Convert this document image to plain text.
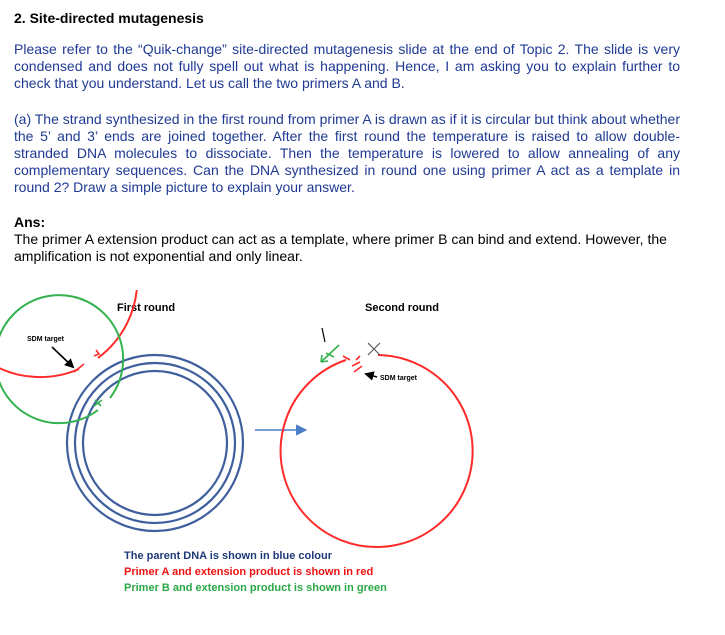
2. Site-directed mutagenesis
Please refer to the “Quik-change” site-directed mutagenesis slide at the end of Topic 2. The slide is very condensed and does not fully spell out what is happening. Hence, I am asking you to explain further to check that you understand. Let us call the two primers A and B.
(a) The strand synthesized in the first round from primer A is drawn as if it is circular but think about whether the 5’ and 3’ ends are joined together. After the first round the temperature is raised to allow double-stranded DNA molecules to dissociate. Then the temperature is lowered to allow annealing of any complementary sequences. Can the DNA synthesized in round one using primer A act as a template in round 2? Draw a simple picture to explain your answer.
Ans:
The primer A extension product can act as a template, where primer B can bind and extend. However, the amplification is not exponential and only linear.
First round	Second round
SDM target
SDM target
The parent DNA is shown in blue colour
Primer A and extension product is shown in red
Primer B and extension product is shown in green
